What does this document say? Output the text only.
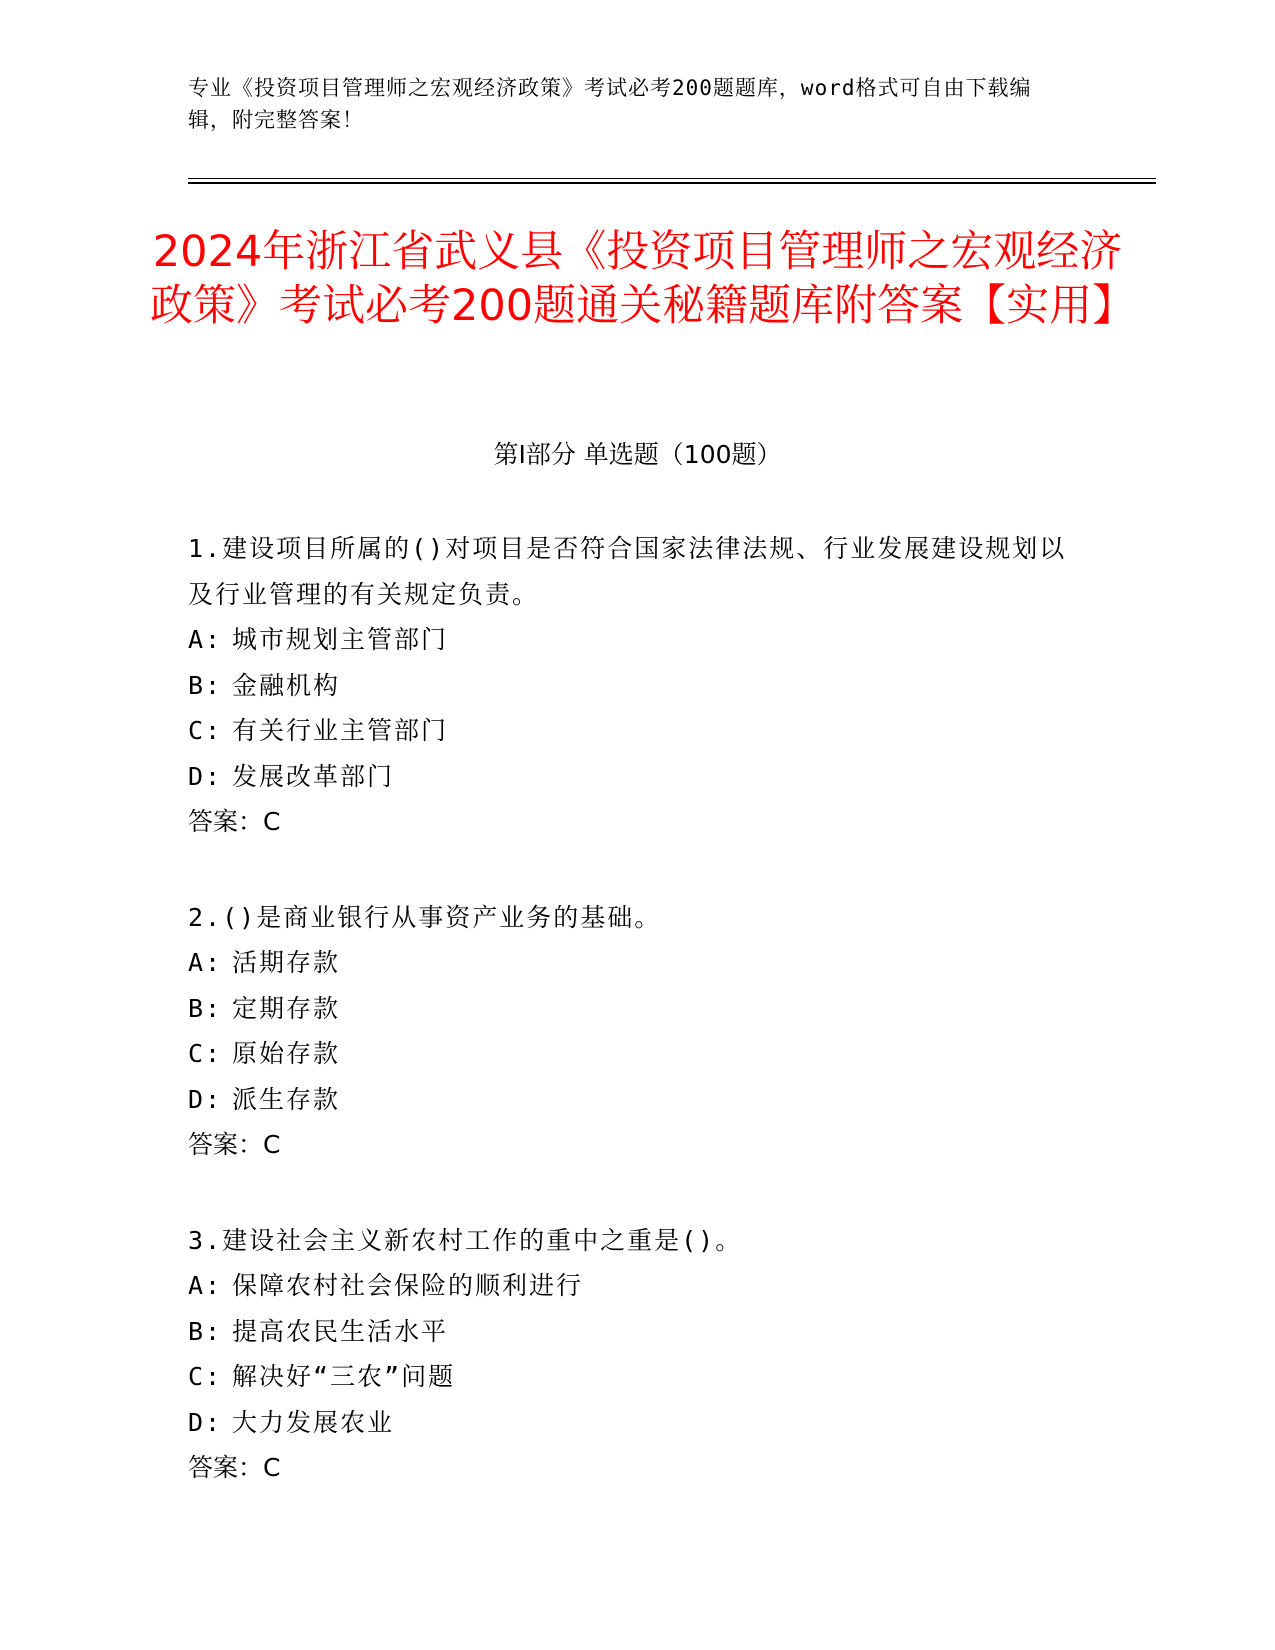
专业《投资项目管理师之宏观经济政策》考试必考200题题库，word格式可自由下载编辑，附完整答案！
2024年浙江省武义县《投资项目管理师之宏观经济政策》考试必考200题通关秘籍题库附答案【实用】
第I部分 单选题（100题）
1.建设项目所属的()对项目是否符合国家法律法规、行业发展建设规划以及行业管理的有关规定负责。
A: 城市规划主管部门
B: 金融机构
C: 有关行业主管部门
D: 发展改革部门
答案：C
2.()是商业银行从事资产业务的基础。
A: 活期存款
B: 定期存款
C: 原始存款
D: 派生存款
答案：C
3.建设社会主义新农村工作的重中之重是()。
A: 保障农村社会保险的顺利进行
B: 提高农民生活水平
C: 解决好“三农”问题
D: 大力发展农业
答案：C
